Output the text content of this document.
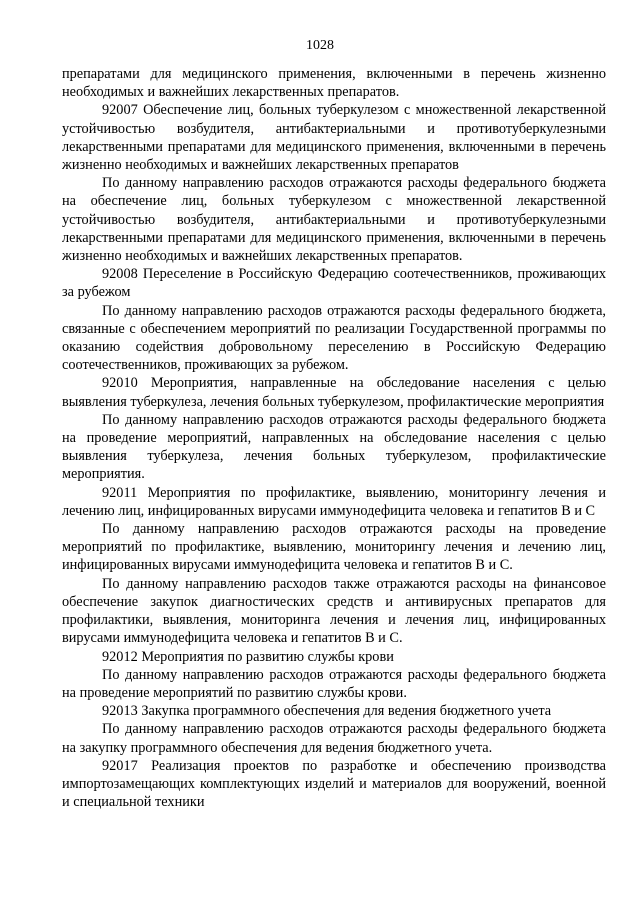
1028

препаратами для медицинского применения, включенными в перечень жизненно необходимых и важнейших лекарственных препаратов.

92007 Обеспечение лиц, больных туберкулезом с множественной лекарственной устойчивостью возбудителя, антибактериальными и противотуберкулезными лекарственными препаратами для медицинского применения, включенными в перечень жизненно необходимых и важнейших лекарственных препаратов

По данному направлению расходов отражаются расходы федерального бюджета на обеспечение лиц, больных туберкулезом с множественной лекарственной устойчивостью возбудителя, антибактериальными и противотуберкулезными лекарственными препаратами для медицинского применения, включенными в перечень жизненно необходимых и важнейших лекарственных препаратов.

92008 Переселение в Российскую Федерацию соотечественников, проживающих за рубежом

По данному направлению расходов отражаются расходы федерального бюджета, связанные с обеспечением мероприятий по реализации Государственной программы по оказанию содействия добровольному переселению в Российскую Федерацию соотечественников, проживающих за рубежом.

92010 Мероприятия, направленные на обследование населения с целью выявления туберкулеза, лечения больных туберкулезом, профилактические мероприятия

По данному направлению расходов отражаются расходы федерального бюджета на проведение мероприятий, направленных на обследование населения с целью выявления туберкулеза, лечения больных туберкулезом, профилактические мероприятия.

92011 Мероприятия по профилактике, выявлению, мониторингу лечения и лечению лиц, инфицированных вирусами иммунодефицита человека и гепатитов В и С

По данному направлению расходов отражаются расходы на проведение мероприятий по профилактике, выявлению, мониторингу лечения и лечению лиц, инфицированных вирусами иммунодефицита человека и гепатитов В и С.

По данному направлению расходов также отражаются расходы на финансовое обеспечение закупок диагностических средств и антивирусных препаратов для профилактики, выявления, мониторинга лечения и лечения лиц, инфицированных вирусами иммунодефицита человека и гепатитов В и С.

92012 Мероприятия по развитию службы крови

По данному направлению расходов отражаются расходы федерального бюджета на проведение мероприятий по развитию службы крови.

92013 Закупка программного обеспечения для ведения бюджетного учета

По данному направлению расходов отражаются расходы федерального бюджета на закупку программного обеспечения для ведения бюджетного учета.

92017 Реализация проектов по разработке и обеспечению производства импортозамещающих комплектующих изделий и материалов для вооружений, военной и специальной техники
